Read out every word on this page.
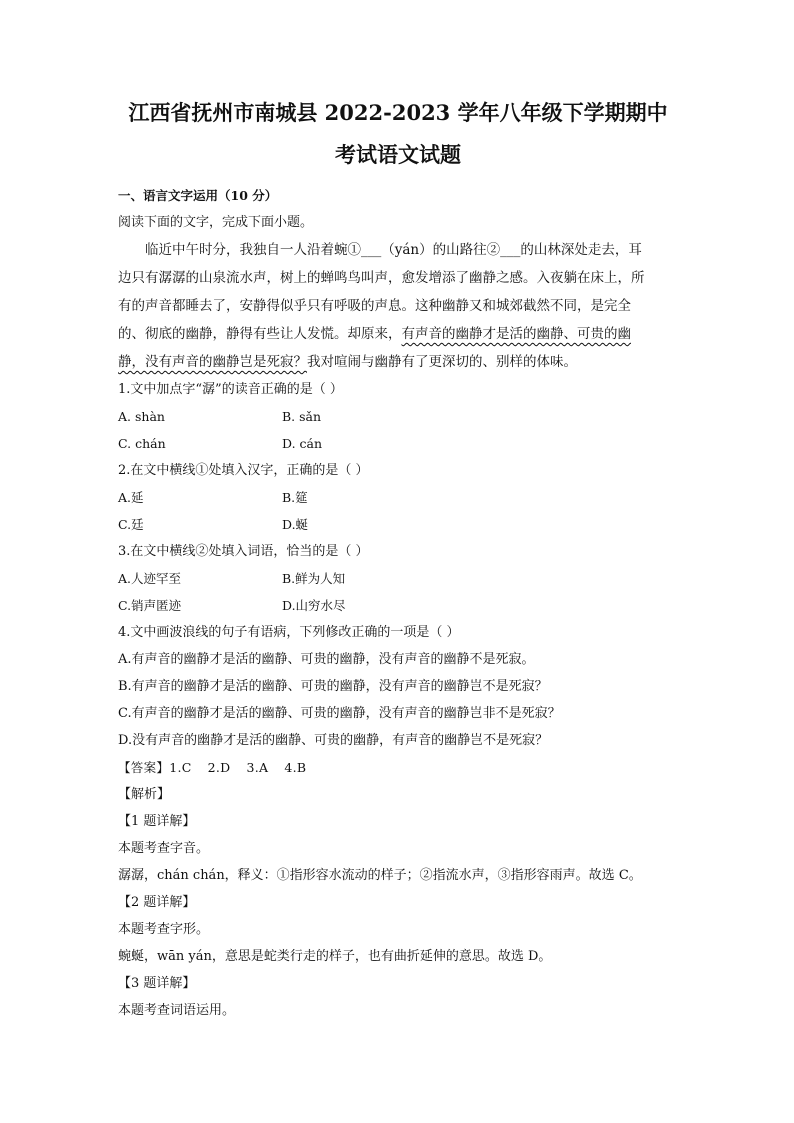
江西省抚州市南城县 2022-2023 学年八年级下学期期中
考试语文试题
一、语言文字运用（10 分）
阅读下面的文字，完成下面小题。
临近中午时分，我独自一人沿着蜿①___（yán）的山路往②___的山林深处走去，耳边只有潺潺的山泉流水声，树上的蝉鸣鸟叫声，愈发增添了幽静之感。入夜躺在床上，所有的声音都睡去了，安静得似乎只有呼吸的声息。这种幽静又和城郊截然不同，是完全的、彻底的幽静，静得有些让人发慌。却原来，有声音的幽静才是活的幽静、可贵的幽静，没有声音的幽静岂是死寂？我对喧闹与幽静有了更深切的、别样的体味。
1.文中加点字“潺”的读音正确的是（ ）
A. shàn	B. sǎn
C. chán	D. cán
2.在文中横线①处填入汉字，正确的是（ ）
A.延	B.筵
C.廷	D.蜒
3.在文中横线②处填入词语，恰当的是（ ）
A.人迹罕至	B.鲜为人知
C.销声匿迹	D.山穷水尽
4.文中画波浪线的句子有语病，下列修改正确的一项是（ ）
A.有声音的幽静才是活的幽静、可贵的幽静，没有声音的幽静不是死寂。
B.有声音的幽静才是活的幽静、可贵的幽静，没有声音的幽静岂不是死寂？
C.有声音的幽静才是活的幽静、可贵的幽静，没有声音的幽静岂非不是死寂？
D.没有声音的幽静才是活的幽静、可贵的幽静，有声音的幽静岂不是死寂？
【答案】1.C 2.D 3.A 4.B
【解析】
【1 题详解】
本题考查字音。
潺潺，chán chán，释义：①指形容水流动的样子；②指流水声，③指形容雨声。故选 C。
【2 题详解】
本题考查字形。
蜿蜒，wān yán，意思是蛇类行走的样子，也有曲折延伸的意思。故选 D。
【3 题详解】
本题考查词语运用。
